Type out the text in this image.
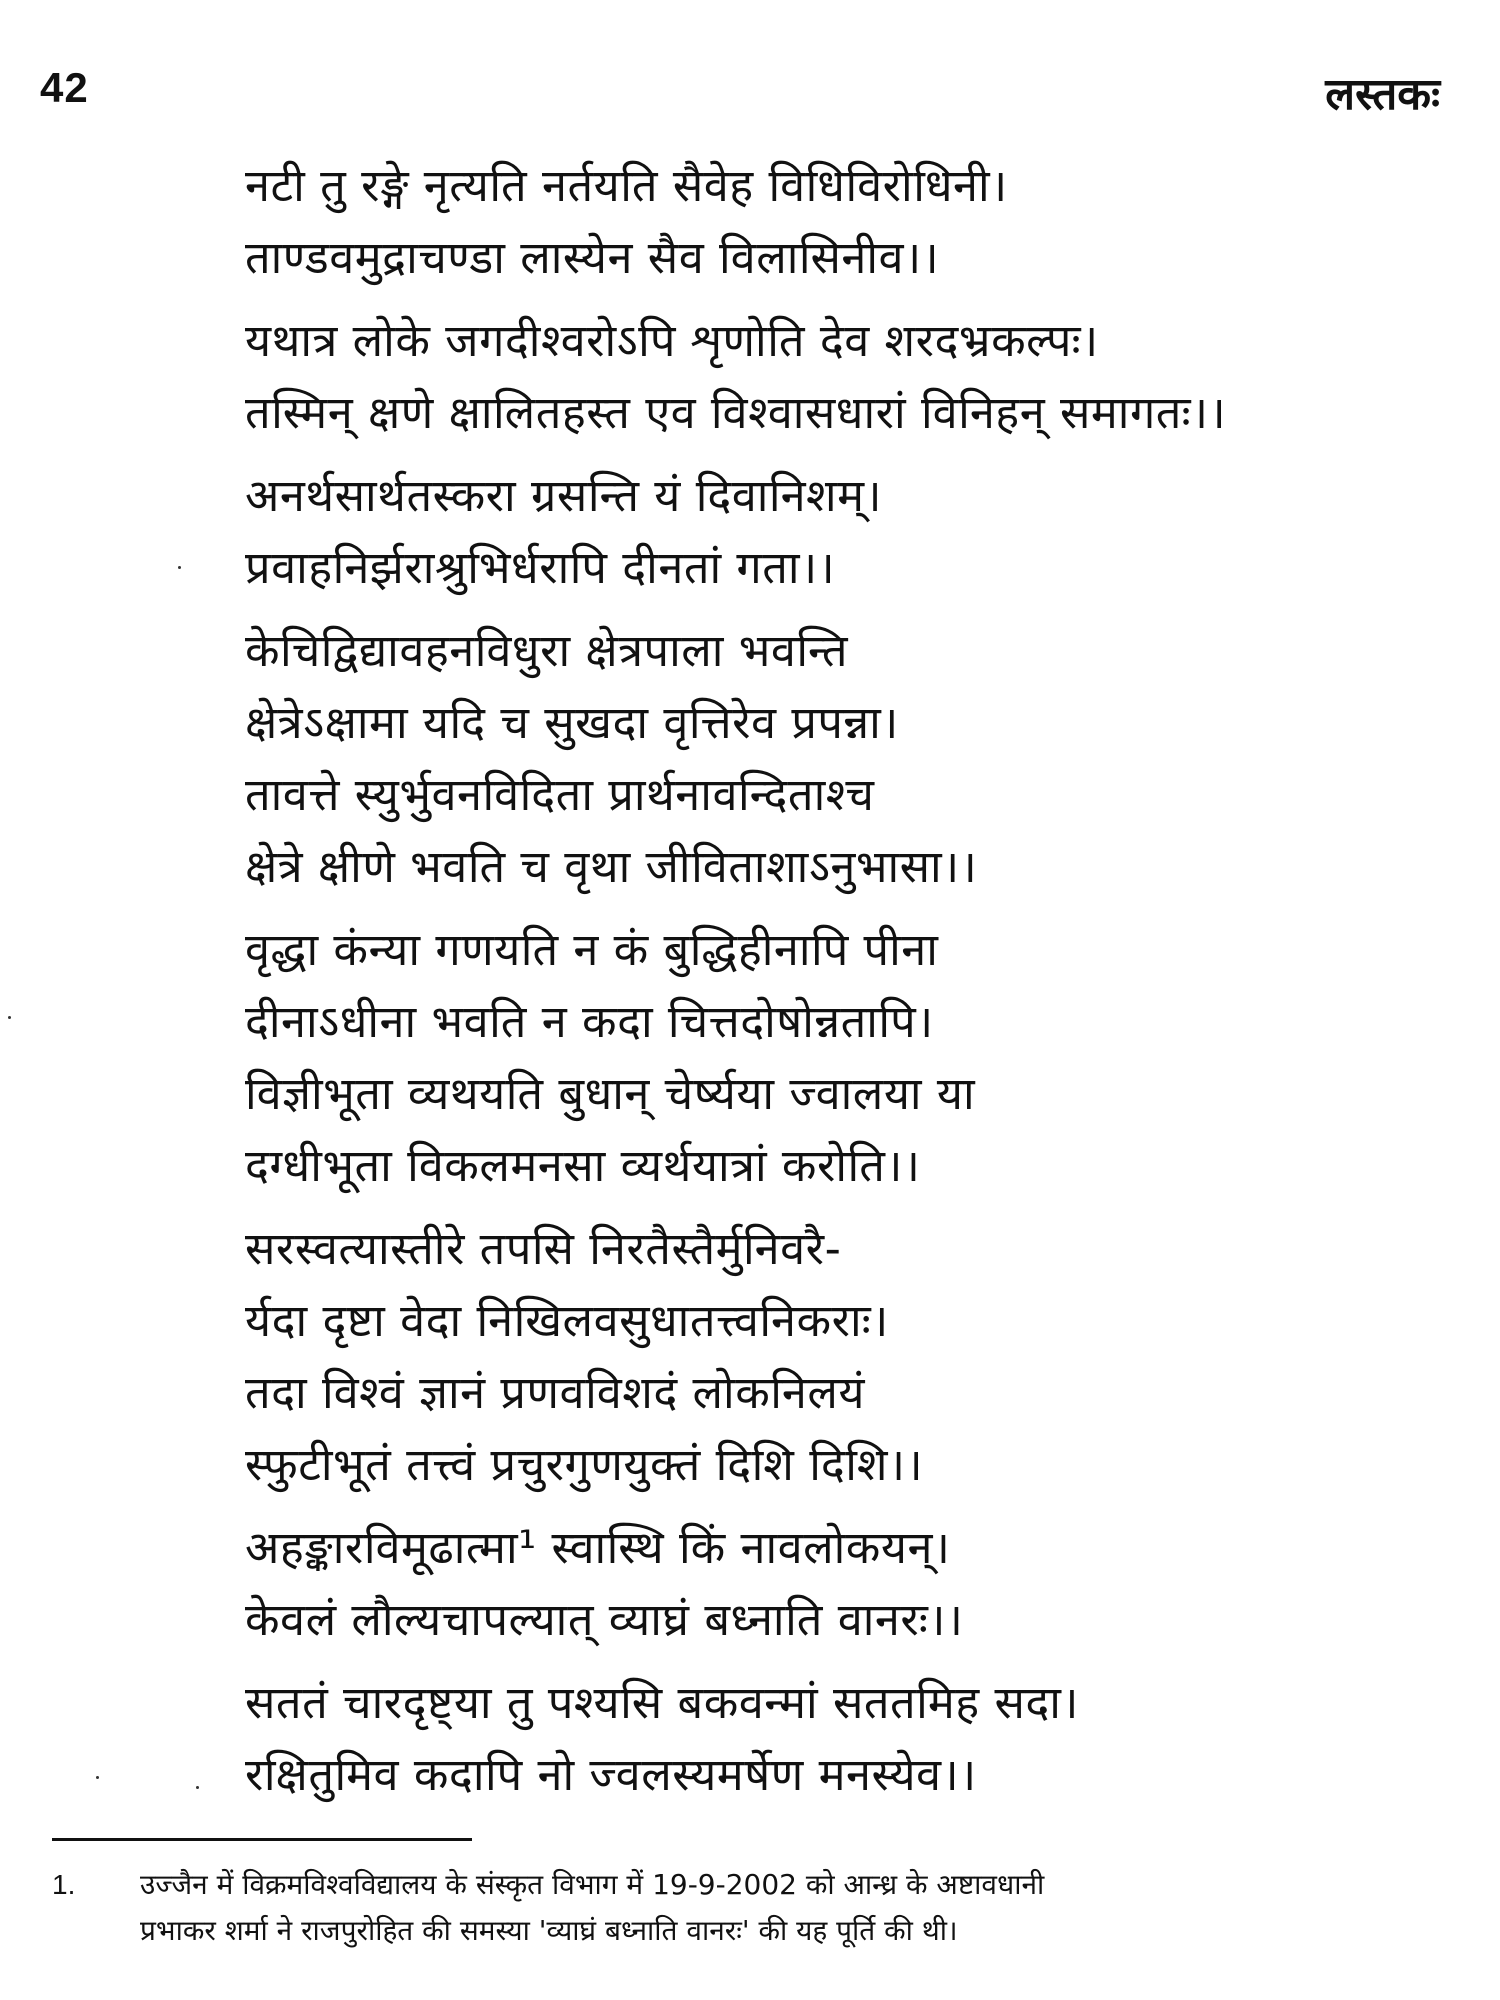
42	लस्तकः
नटी तु रङ्गे नृत्यति नर्तयति सैवेह विधिविरोधिनी।
ताण्डवमुद्राचण्डा लास्येन सैव विलासिनीव।।
यथात्र लोके जगदीश्वरोऽपि शृणोति देव शरदभ्रकल्पः।
तस्मिन् क्षणे क्षालितहस्त एव विश्वासधारां विनिहन् समागतः।।
अनर्थसार्थतस्करा ग्रसन्ति यं दिवानिशम्।
प्रवाहनिर्झराश्रुभिर्धरापि दीनतां गता।।
केचिद्विद्यावहनविधुरा क्षेत्रपाला भवन्ति
क्षेत्रेऽक्षामा यदि च सुखदा वृत्तिरेव प्रपन्ना।
तावत्ते स्युर्भुवनविदिता प्रार्थनावन्दिताश्च
क्षेत्रे क्षीणे भवति च वृथा जीविताशाऽनुभासा।।
वृद्धा कंन्या गणयति न कं बुद्धिहीनापि पीना
दीनाऽधीना भवति न कदा चित्तदोषोन्नतापि।
विज्ञीभूता व्यथयति बुधान् चेर्ष्यया ज्वालया या
दग्धीभूता विकलमनसा व्यर्थयात्रां करोति।।
सरस्वत्यास्तीरे तपसि निरतैस्तैर्मुनिवरै-
र्यदा दृष्टा वेदा निखिलवसुधातत्त्वनिकराः।
तदा विश्वं ज्ञानं प्रणवविशदं लोकनिलयं
स्फुटीभूतं तत्त्वं प्रचुरगुणयुक्तं दिशि दिशि।।
अहङ्कारविमूढात्मा¹ स्वास्थि किं नावलोकयन्।
केवलं लौल्यचापल्यात् व्याघ्रं बध्नाति वानरः।।
सततं चारदृष्ट्या तु पश्यसि बकवन्मां सततमिह सदा।
रक्षितुमिव कदापि नो ज्वलस्यमर्षेण मनस्येव।।
1. उज्जैन में विक्रमविश्वविद्यालय के संस्कृत विभाग में 19-9-2002 को आन्ध्र के अष्टावधानी
प्रभाकर शर्मा ने राजपुरोहित की समस्या 'व्याघ्रं बध्नाति वानरः' की यह पूर्ति की थी।
